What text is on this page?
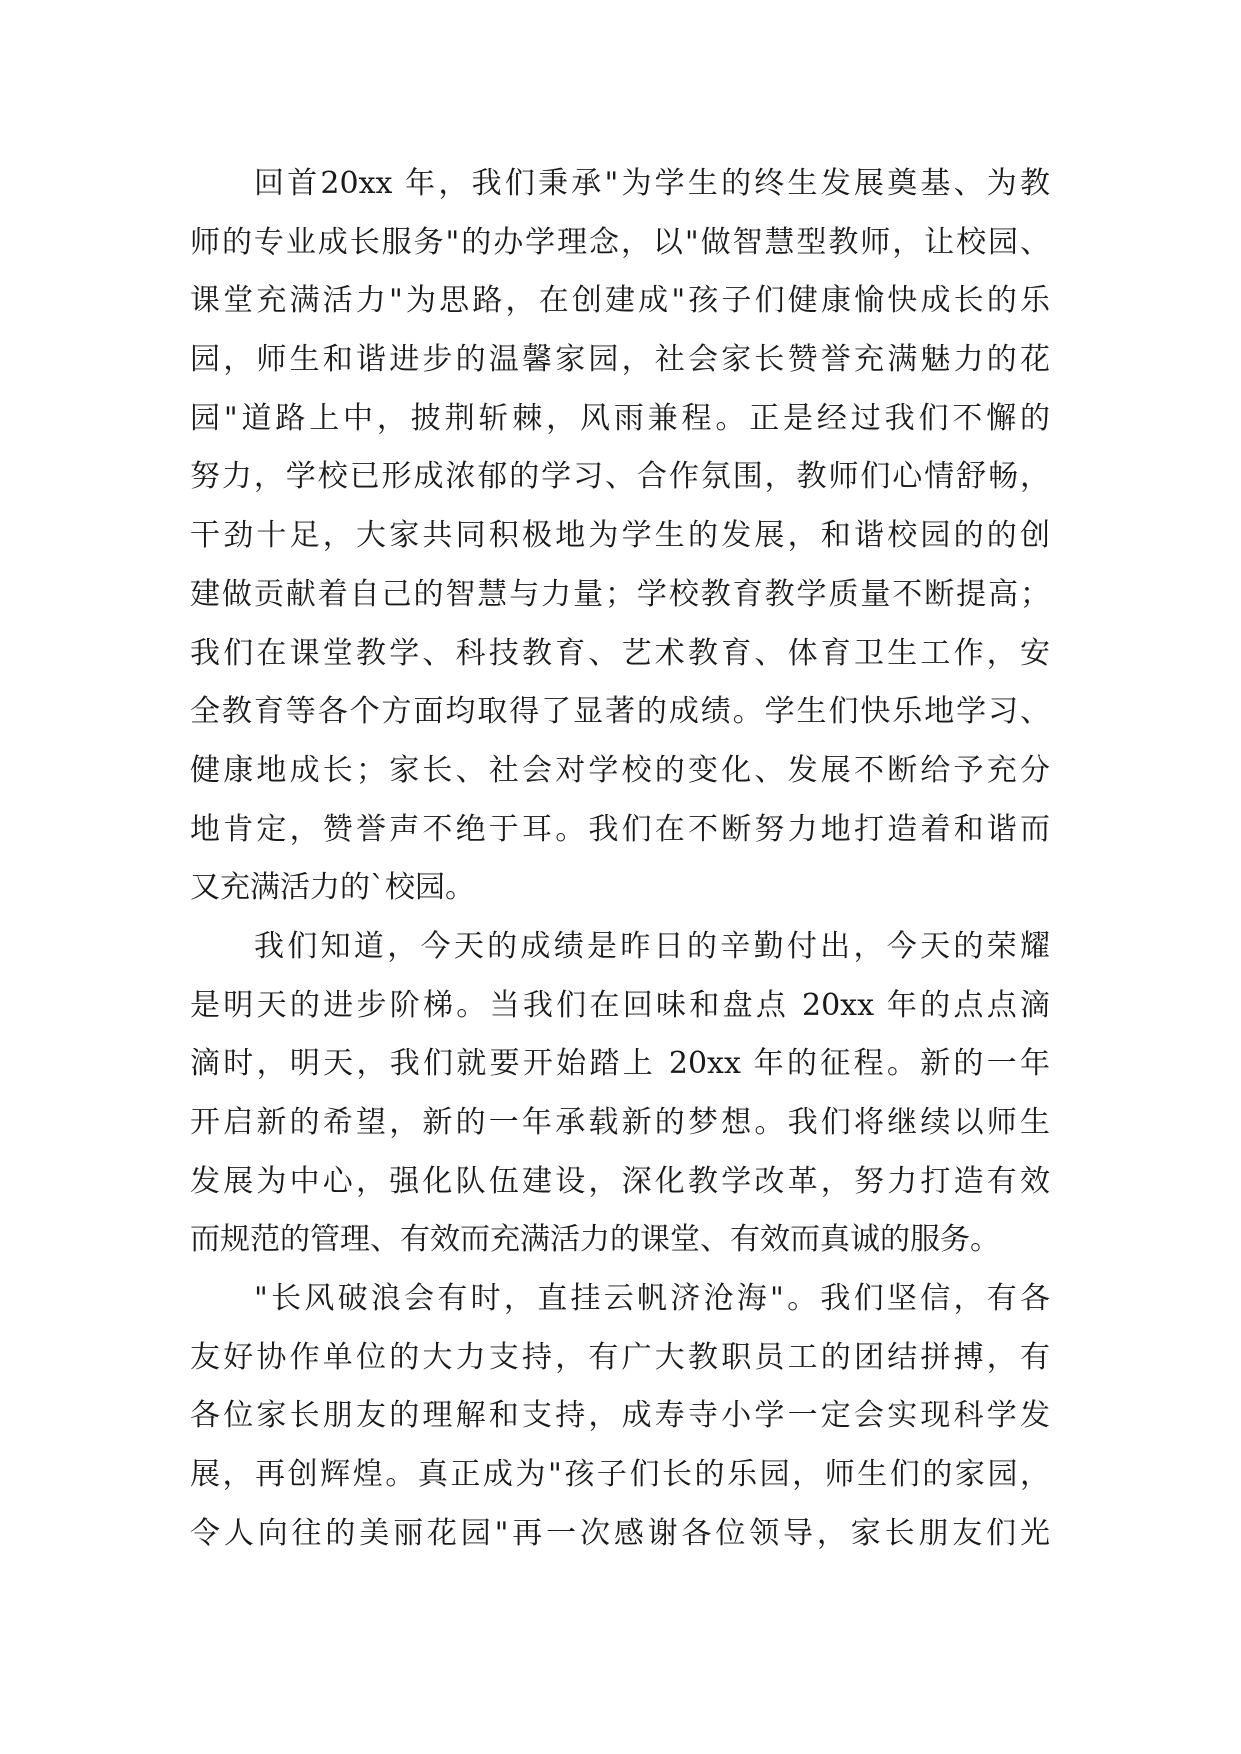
回首20xx 年，我们秉承"为学生的终生发展奠基、为教
师的专业成长服务"的办学理念，以"做智慧型教师，让校园、
课堂充满活力"为思路，在创建成"孩子们健康愉快成长的乐
园，师生和谐进步的温馨家园，社会家长赞誉充满魅力的花
园"道路上中，披荆斩棘，风雨兼程。正是经过我们不懈的
努力，学校已形成浓郁的学习、合作氛围，教师们心情舒畅，
干劲十足，大家共同积极地为学生的发展，和谐校园的的创
建做贡献着自己的智慧与力量；学校教育教学质量不断提高；
我们在课堂教学、科技教育、艺术教育、体育卫生工作，安
全教育等各个方面均取得了显著的成绩。学生们快乐地学习、
健康地成长；家长、社会对学校的变化、发展不断给予充分
地肯定，赞誉声不绝于耳。我们在不断努力地打造着和谐而
又充满活力的`校园。
我们知道，今天的成绩是昨日的辛勤付出，今天的荣耀
是明天的进步阶梯。当我们在回味和盘点 20xx 年的点点滴
滴时，明天，我们就要开始踏上 20xx 年的征程。新的一年
开启新的希望，新的一年承载新的梦想。我们将继续以师生
发展为中心，强化队伍建设，深化教学改革，努力打造有效
而规范的管理、有效而充满活力的课堂、有效而真诚的服务。
"长风破浪会有时，直挂云帆济沧海"。我们坚信，有各
友好协作单位的大力支持，有广大教职员工的团结拼搏，有
各位家长朋友的理解和支持，成寿寺小学一定会实现科学发
展，再创辉煌。真正成为"孩子们长的乐园，师生们的家园，
令人向往的美丽花园"再一次感谢各位领导，家长朋友们光
